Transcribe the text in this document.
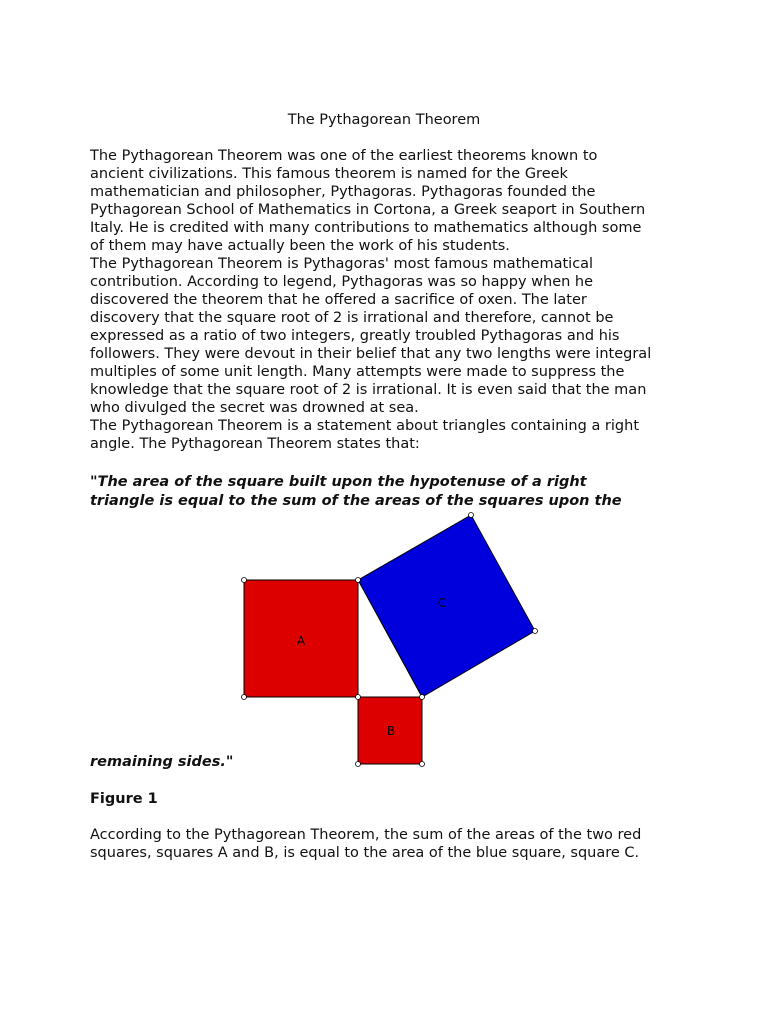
The Pythagorean Theorem
The Pythagorean Theorem was one of the earliest theorems known to
ancient civilizations. This famous theorem is named for the Greek
mathematician and philosopher, Pythagoras. Pythagoras founded the
Pythagorean School of Mathematics in Cortona, a Greek seaport in Southern
Italy. He is credited with many contributions to mathematics although some
of them may have actually been the work of his students.
The Pythagorean Theorem is Pythagoras' most famous mathematical
contribution. According to legend, Pythagoras was so happy when he
discovered the theorem that he offered a sacrifice of oxen. The later
discovery that the square root of 2 is irrational and therefore, cannot be
expressed as a ratio of two integers, greatly troubled Pythagoras and his
followers. They were devout in their belief that any two lengths were integral
multiples of some unit length. Many attempts were made to suppress the
knowledge that the square root of 2 is irrational. It is even said that the man
who divulged the secret was drowned at sea.
The Pythagorean Theorem is a statement about triangles containing a right
angle. The Pythagorean Theorem states that:
"The area of the square built upon the hypotenuse of a right
triangle is equal to the sum of the areas of the squares upon the
A
B
C
remaining sides."
Figure 1
According to the Pythagorean Theorem, the sum of the areas of the two red
squares, squares A and B, is equal to the area of the blue square, square C.
